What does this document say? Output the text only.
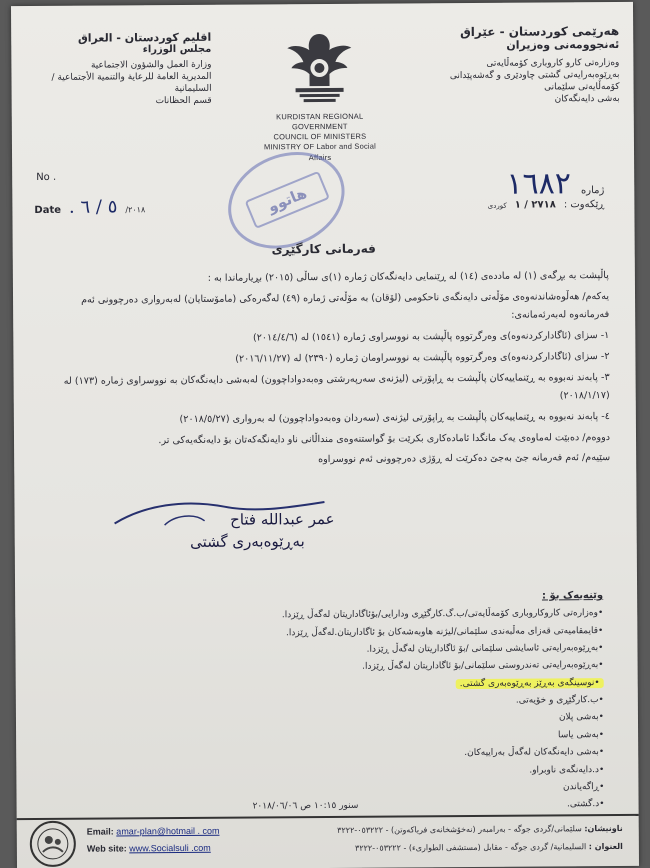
اقليم كوردستان - العراق
مجلس الوزراء
وزارة العمل والشؤون الاجتماعية
المديرية العامة للرعاية والتنمية الأجتماعية /
السليمانية
قسم الحظانات
KURDISTAN REGIONAL GOVERNMENT
COUNCIL OF MINISTERS
MINISTRY OF Labor and Social Affairs
هەرێمی کوردستان - عێراق
ئەنجوومەنی وەزیران
وەزارەتی کارو کاروباری کۆمەڵایەتی
بەڕێوەبەرایەتی گشتی چاودێری و گەشەپێدانی
کۆمەڵایەتی سلێمانی
بەشی دایەنگەکان
No .
Date . ٥ / ٦ /٢٠١٨
ژمارە
١٦٨٢
ڕێکەوت :
٢٧١٨ / ١
کوردی
هاتوو
فەرمانی کارگێڕی

پاڵپشت بە بڕگەی (١) لە ماددەی (١٤) لە ڕێنمایی دایەنگەکان ژمارە (١)ی ساڵی (٢٠١٥) بڕیارماندا بە :

یەکەم/ هەڵوەشاندنەوەی مۆڵەتی دایەنگەی ناحکومی (لۆقان) بە مۆڵەتی ژمارە (٤٩) لەگەرەکی (مامۆستایان) لەبەرواری دەرچوونی ئەم فەرمانەوە لەبەرئەمانەی:

١- سزای (ئاگادارکردنەوە)ی وەرگرتووە پاڵپشت بە نووسراوی ژمارە (١٥٤١) لە (٢٠١٤/٤/٦)

٢- سزای (ئاگادارکردنەوە)ی وەرگرتووە پاڵپشت بە نووسراومان ژمارە (٢٣٩٠) لە (٢٠١٦/١١/٢٧)

٣- پابەند نەبووە بە ڕێنماییەکان پاڵپشت بە ڕاپۆرتی (لیژنەی سەرپەرشتی وەبەدواداچوون) لەبەشی دایەنگەکان بە نووسراوی ژمارە (١٧٣) لە (٢٠١٨/١/١٧)

٤- پابەند نەبووە بە ڕێنماییەکان پاڵپشت بە ڕاپۆرتی لیژنەی (سەردان وەبەدواداچوون) لە بەرواری (٢٠١٨/٥/٢٧)

دووەم/ دەبێت لەماوەی یەک مانگدا ئامادەکاری بکرێت بۆ گواستنەوەی منداڵانی ناو دایەنگەکەتان بۆ دایەنگەیەکی تر.

سێیەم/ ئەم فەرمانە جێ بەجێ دەکرێت لە ڕۆژی دەرچوونی ئەم نووسراوە

عمر عبدالله فتاح
بەڕێوەبەری گشتی
وێنەیەک بۆ :
•وەزارەتی کاروکاروباری کۆمەڵایەتی/ب.گ.کارگێڕی ودارایی/بۆئاگاداریتان لەگەڵ ڕێزدا.
•قایمقامیەتی قەزای مەڵبەندی سلێمانی/لیژنە هاوبەشەکان بۆ ئاگاداریتان.لەگەڵ ڕێزدا.
•بەڕێوەبەرایەتی ئاسایشی سلێمانی /بۆ ئاگاداریتان لەگەڵ ڕێزدا.
•بەڕێوەبەرایەتی تەندروستی سلێمانی/بۆ ئاگاداریتان لەگەڵ ڕێزدا.
•نوسینگەی بەڕێز بەڕێوەبەری گشتی.
•ب.کارگێڕی و خۆیەتی.
•بەشی پلان
•بەشی یاسا
•بەشی دایەنگەکان لەگەڵ بەراییەکان.
•د.دایەنگەی ناوبراو.
•ڕاگەیاندن
•د.گشتی.
سنور ١٠:١٥ ص ٢٠١٨/٠٦/٠٦
Email: amar-plan@hotmail . com
Web site: www.Socialsuli .com
ناونیشان: سلێمانی/گردی جوگە - بەرامبەر (نەخۆشخانەی فریاکەوتن) - ٠٥٣٢٢٢-٣٢٢٢
العنوان : السليمانية/ گردی جوگە - مقابل (مستشفى الطوارىء) - ٠٥٣٢٢٢-٣٢٢٢
